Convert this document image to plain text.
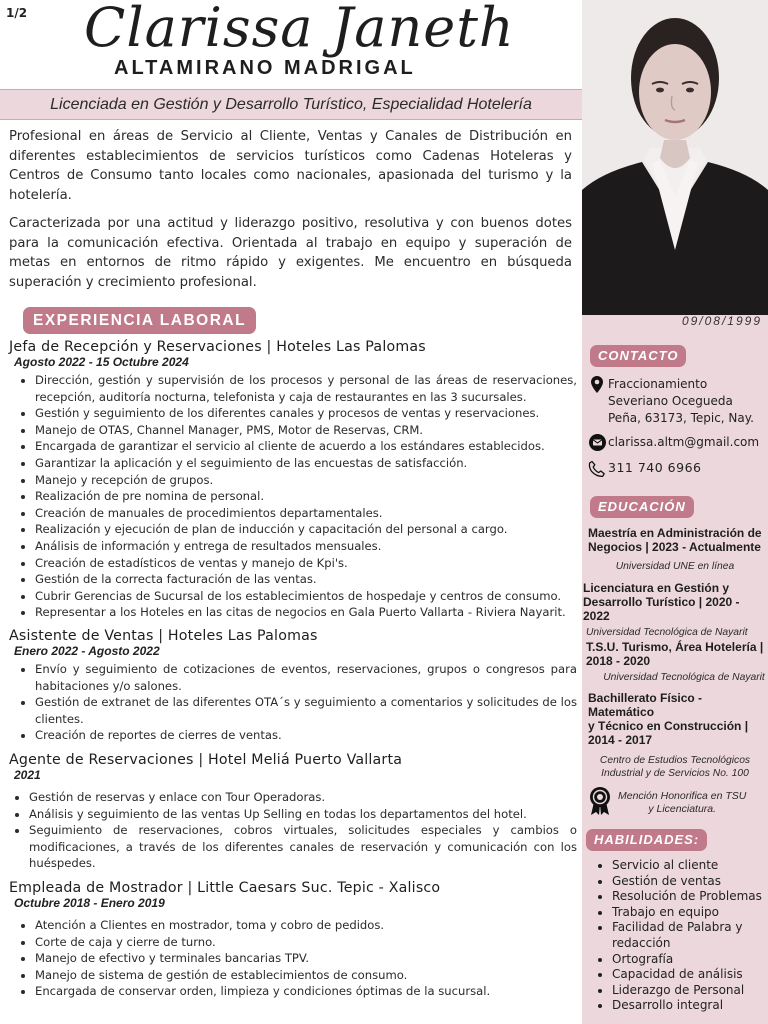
1/2 Clarissa Janeth
ALTAMIRANO MADRIGAL
Licenciada en Gestión y Desarrollo Turístico, Especialidad Hotelería

Profesional en áreas de Servicio al Cliente, Ventas y Canales de Distribución en diferentes establecimientos de servicios turísticos como Cadenas Hoteleras y Centros de Consumo tanto locales como nacionales, apasionada del turismo y la hotelería.

Caracterizada por una actitud y liderazgo positivo, resolutiva y con buenos dotes para la comunicación efectiva. Orientada al trabajo en equipo y superación de metas en entornos de ritmo rápido y exigentes. Me encuentro en búsqueda superación y crecimiento profesional.

EXPERIENCIA LABORAL
Jefa de Recepción y Reservaciones | Hoteles Las Palomas
Agosto 2022 - 15 Octubre 2024
• Dirección, gestión y supervisión de los procesos y personal de las áreas de reservaciones, recepción, auditoría nocturna, telefonista y caja de restaurantes en las 3 sucursales.
• Gestión y seguimiento de los diferentes canales y procesos de ventas y reservaciones.
• Manejo de OTAS, Channel Manager, PMS, Motor de Reservas, CRM.
• Encargada de garantizar el servicio al cliente de acuerdo a los estándares establecidos.
• Garantizar la aplicación y el seguimiento de las encuestas de satisfacción.
• Manejo y recepción de grupos.
• Realización de pre nomina de personal.
• Creación de manuales de procedimientos departamentales.
• Realización y ejecución de plan de inducción y capacitación del personal a cargo.
• Análisis de información y entrega de resultados mensuales.
• Creación de estadísticos de ventas y manejo de Kpi's.
• Gestión de la correcta facturación de las ventas.
• Cubrir Gerencias de Sucursal de los establecimientos de hospedaje y centros de consumo.
• Representar a los Hoteles en las citas de negocios en Gala Puerto Vallarta - Riviera Nayarit.
Asistente de Ventas | Hoteles Las Palomas
Enero 2022 - Agosto 2022
• Envío y seguimiento de cotizaciones de eventos, reservaciones, grupos o congresos para habitaciones y/o salones.
• Gestión de extranet de las diferentes OTA´s y seguimiento a comentarios y solicitudes de los clientes.
• Creación de reportes de cierres de ventas.
Agente de Reservaciones | Hotel Meliá Puerto Vallarta
2021
• Gestión de reservas y enlace con Tour Operadoras.
• Análisis y seguimiento de las ventas Up Selling en todas los departamentos del hotel.
• Seguimiento de reservaciones, cobros virtuales, solicitudes especiales y cambios o modificaciones, a través de los diferentes canales de reservación y comunicación con los huéspedes.
Empleada de Mostrador | Little Caesars Suc. Tepic - Xalisco
Octubre 2018 - Enero 2019
• Atención a Clientes en mostrador, toma y cobro de pedidos.
• Corte de caja y cierre de turno.
• Manejo de efectivo y terminales bancarias TPV.
• Manejo de sistema de gestión de establecimientos de consumo.
• Encargada de conservar orden, limpieza y condiciones óptimas de la sucursal.
09/08/1999
CONTACTO
Fraccionamiento
Severiano Ocegueda
Peña, 63173, Tepic, Nay.
clarissa.altm@gmail.com
311 740 6966
EDUCACIÓN
Maestría en Administración de
Negocios | 2023 - Actualmente
Universidad UNE en línea
Licenciatura en Gestión y
Desarrollo Turístico | 2020 - 2022
Universidad Tecnológica de Nayarit
T.S.U. Turismo, Área Hotelería |
2018 - 2020
Universidad Tecnológica de Nayarit
Bachillerato Físico - Matemático
y Técnico en Construcción |
2014 - 2017
Centro de Estudios Tecnológicos
Industrial y de Servicios No. 100
Mención Honorifica en TSU
y Licenciatura.
HABILIDADES:
• Servicio al cliente
• Gestión de ventas
• Resolución de Problemas
• Trabajo en equipo
• Facilidad de Palabra y redacción
• Ortografía
• Capacidad de análisis
• Liderazgo de Personal
• Desarrollo integral
